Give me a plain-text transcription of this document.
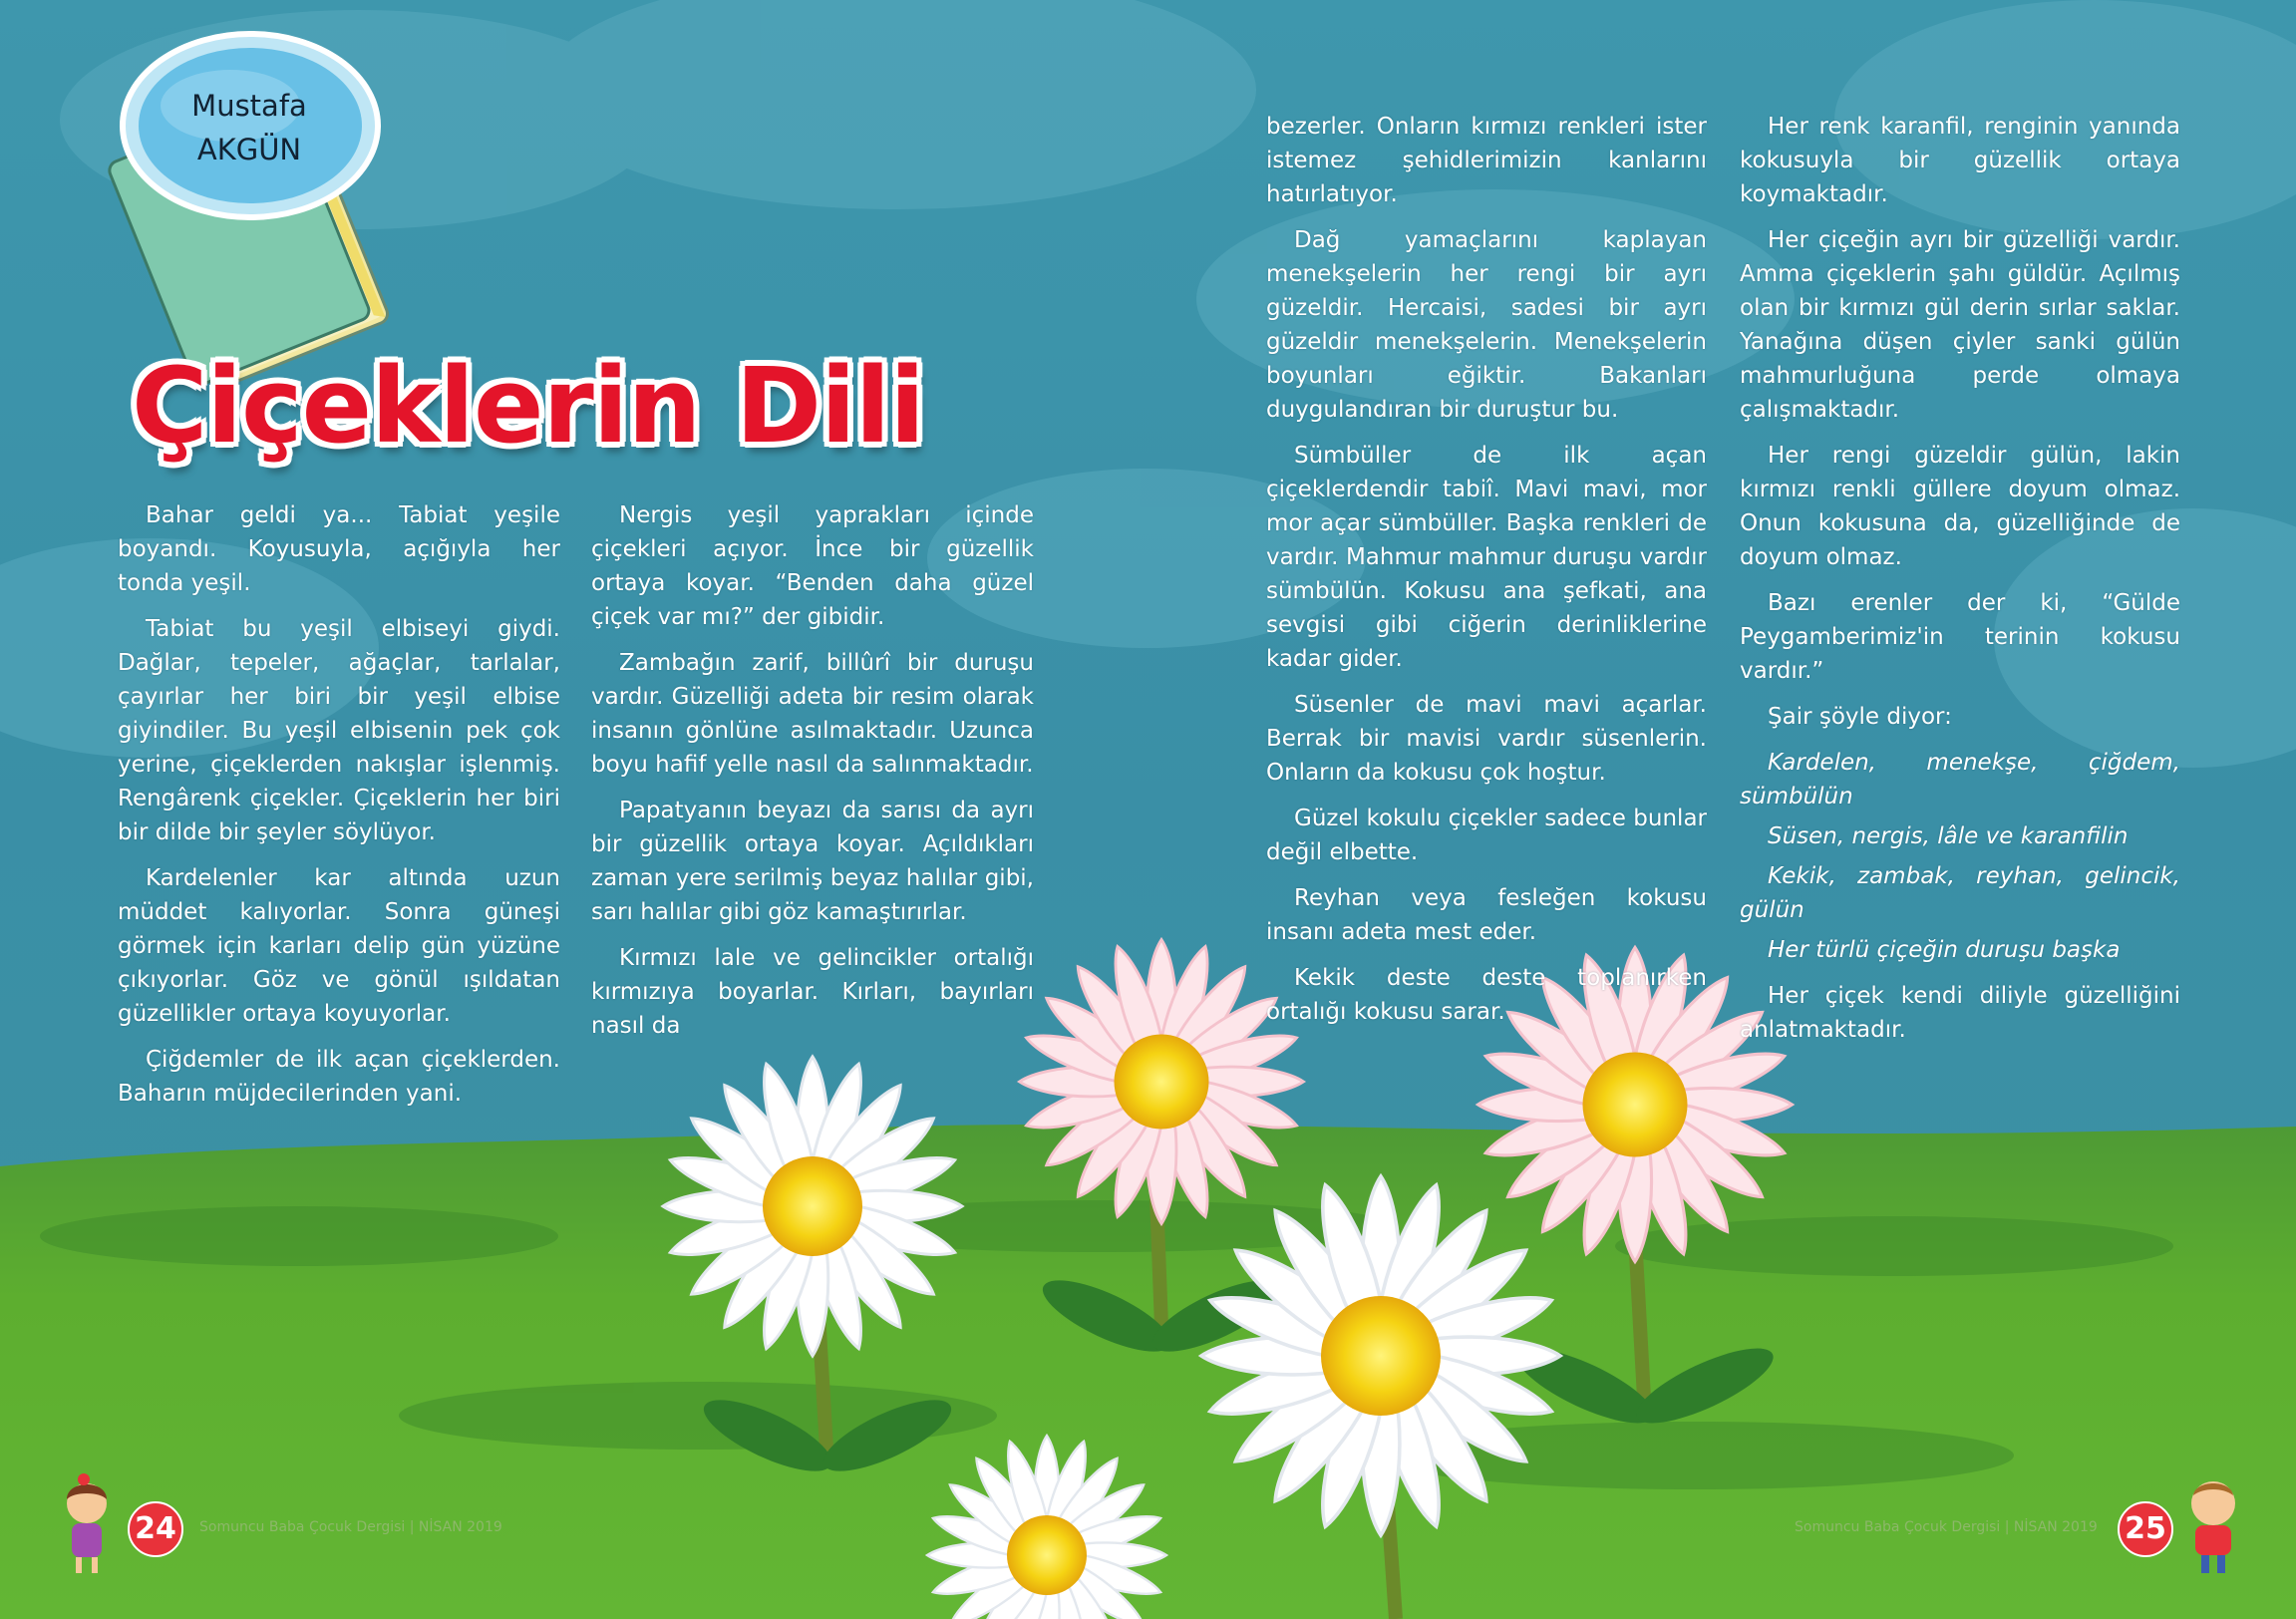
Mustafa
AKGÜN
Çiçeklerin Dili

Bahar geldi ya... Tabiat yeşile boyandı. Koyusuyla, açığıyla her tonda yeşil.

Tabiat bu yeşil elbiseyi giydi. Dağlar, tepeler, ağaçlar, tarlalar, çayırlar her biri bir yeşil elbise giyindiler. Bu yeşil elbisenin pek çok yerine, çiçeklerden nakışlar işlenmiş. Rengârenk çiçekler. Çiçeklerin her biri bir dilde bir şeyler söylüyor.

Kardelenler kar altında uzun müddet kalıyorlar. Sonra güneşi görmek için karları delip gün yüzüne çıkıyorlar. Göz ve gönül ışıldatan güzellikler ortaya koyuyorlar.

Çiğdemler de ilk açan çiçeklerden. Baharın müjdecilerinden yani.

Nergis yeşil yaprakları içinde çiçekleri açıyor. İnce bir güzellik ortaya koyar. “Benden daha güzel çiçek var mı?” der gibidir.

Zambağın zarif, billûrî bir duruşu vardır. Güzelliği adeta bir resim olarak insanın gönlüne asılmaktadır. Uzunca boyu hafif yelle nasıl da salınmaktadır.

Papatyanın beyazı da sarısı da ayrı bir güzellik ortaya koyar. Açıldıkları zaman yere serilmiş beyaz halılar gibi, sarı halılar gibi göz kamaştırırlar.

Kırmızı lale ve gelincikler ortalığı kırmızıya boyarlar. Kırları, bayırları nasıl da

bezerler. Onların kırmızı renkleri ister istemez şehidlerimizin kanlarını hatırlatıyor.

Dağ yamaçlarını kaplayan menekşelerin her rengi bir ayrı güzeldir. Hercaisi, sadesi bir ayrı güzeldir menekşelerin. Menekşelerin boyunları eğiktir. Bakanları duygulandıran bir duruştur bu.

Sümbüller de ilk açan çiçeklerdendir tabiî. Mavi mavi, mor mor açar sümbüller. Başka renkleri de vardır. Mahmur mahmur duruşu vardır sümbülün. Kokusu ana şefkati, ana sevgisi gibi ciğerin derinliklerine kadar gider.

Süsenler de mavi mavi açarlar. Berrak bir mavisi vardır süsenlerin. Onların da kokusu çok hoştur.

Güzel kokulu çiçekler sadece bunlar değil elbette.

Reyhan veya fesleğen kokusu insanı adeta mest eder.

Kekik deste deste toplanırken ortalığı kokusu sarar.

Her renk karanfil, renginin yanında kokusuyla bir güzellik ortaya koymaktadır.

Her çiçeğin ayrı bir güzelliği vardır. Amma çiçeklerin şahı güldür. Açılmış olan bir kırmızı gül derin sırlar saklar. Yanağına düşen çiyler sanki gülün mahmurluğuna perde olmaya çalışmaktadır.

Her rengi güzeldir gülün, lakin kırmızı renkli güllere doyum olmaz. Onun kokusuna da, güzelliğinde de doyum olmaz.

Bazı erenler der ki, “Gülde Peygamberimiz'in terinin kokusu vardır.”

Şair şöyle diyor:

Kardelen, menekşe, çiğdem, sümbülün

Süsen, nergis, lâle ve karanfilin

Kekik, zambak, reyhan, gelincik, gülün

Her türlü çiçeğin duruşu başka

Her çiçek kendi diliyle güzelliğini anlatmaktadır.

24	Somuncu Baba Çocuk Dergisi | NİSAN 2019	Somuncu Baba Çocuk Dergisi | NİSAN 2019 25
